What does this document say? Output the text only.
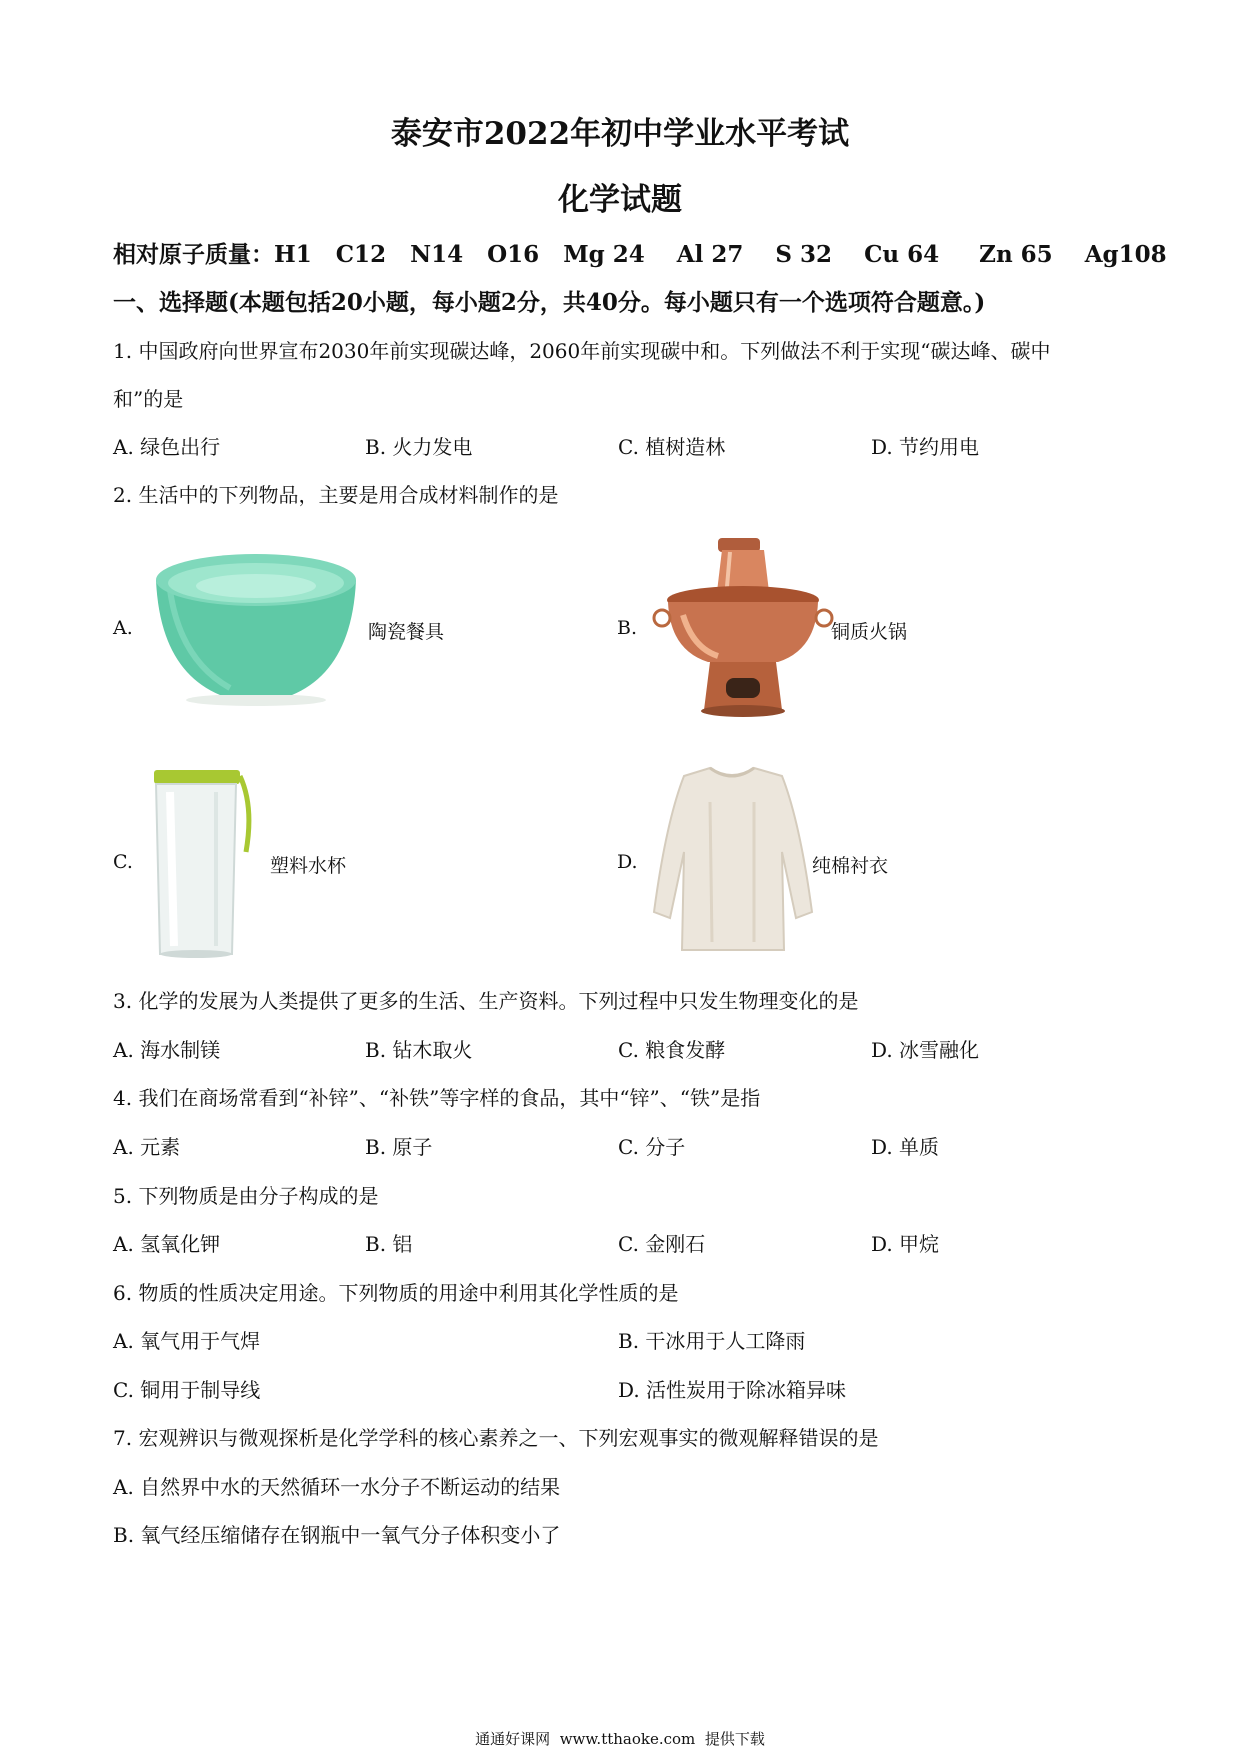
泰安市2022年初中学业水平考试
化学试题
相对原子质量：H1   C12   N14   O16   Mg 24    Al 27    S 32    Cu 64     Zn 65    Ag108
一、选择题(本题包括20小题，每小题2分，共40分。每小题只有一个选项符合题意。)
1. 中国政府向世界宣布2030年前实现碳达峰，2060年前实现碳中和。下列做法不利于实现“碳达峰、碳中
和”的是
A. 绿色出行	B. 火力发电	C. 植树造林	D. 节约用电
2. 生活中的下列物品，主要是用合成材料制作的是
A.	陶瓷餐具	B.	铜质火锅
C.	塑料水杯	D.	纯棉衬衣
3. 化学的发展为人类提供了更多的生活、生产资料。下列过程中只发生物理变化的是
A. 海水制镁	B. 钻木取火	C. 粮食发酵	D. 冰雪融化
4. 我们在商场常看到“补锌”、“补铁”等字样的食品，其中“锌”、“铁”是指
A. 元素	B. 原子	C. 分子	D. 单质
5. 下列物质是由分子构成的是
A. 氢氧化钾	B. 铝	C. 金刚石	D. 甲烷
6. 物质的性质决定用途。下列物质的用途中利用其化学性质的是
A. 氧气用于气焊	B. 干冰用于人工降雨
C. 铜用于制导线	D. 活性炭用于除冰箱异味
7. 宏观辨识与微观探析是化学学科的核心素养之一、下列宏观事实的微观解释错误的是
A. 自然界中水的天然循环一水分子不断运动的结果
B. 氧气经压缩储存在钢瓶中一氧气分子体积变小了
通通好课网  www.tthaoke.com  提供下载
